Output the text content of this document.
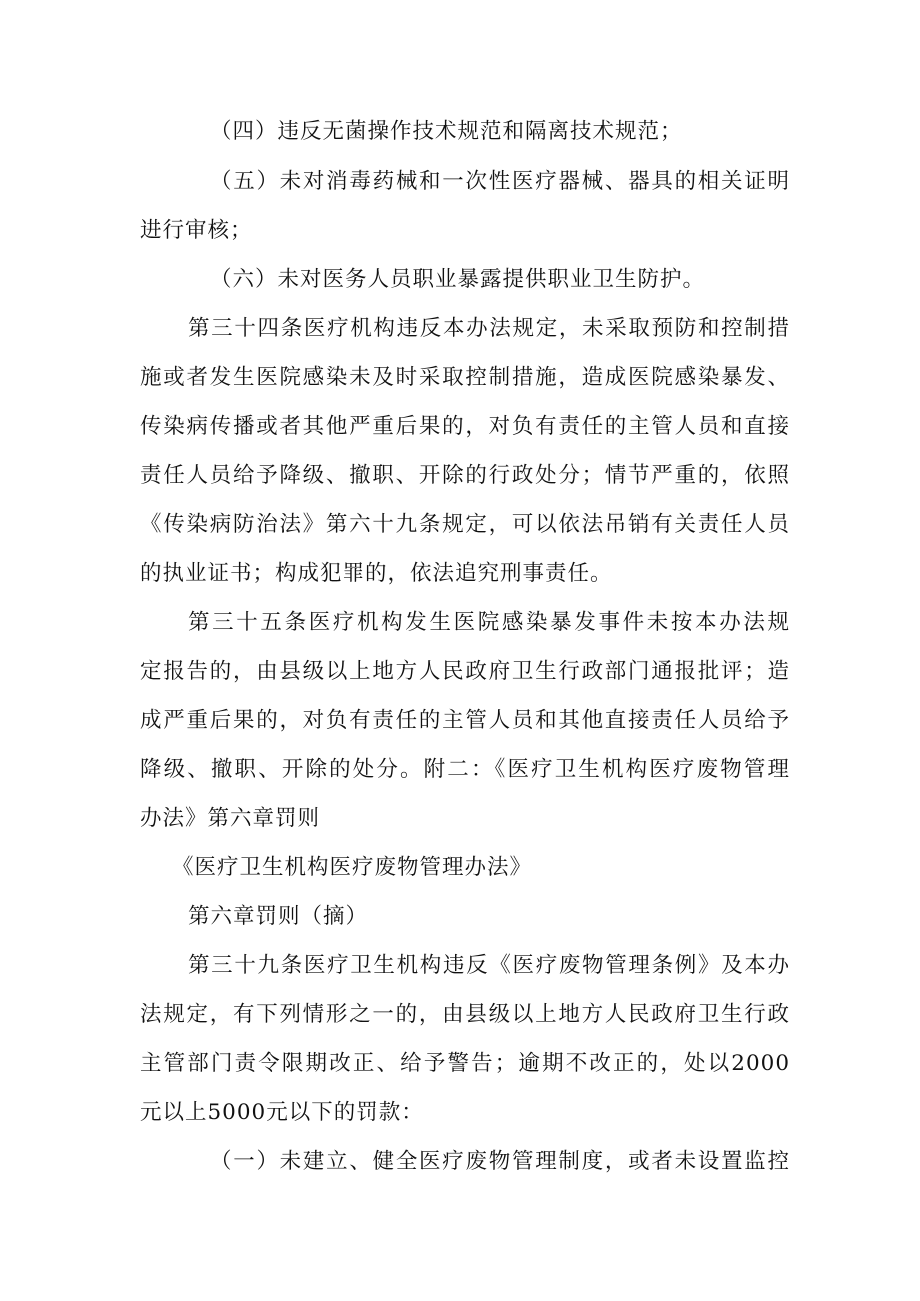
（四）违反无菌操作技术规范和隔离技术规范；
（五）未对消毒药械和一次性医疗器械、器具的相关证明
进行审核；
（六）未对医务人员职业暴露提供职业卫生防护。
第三十四条医疗机构违反本办法规定，未采取预防和控制措
施或者发生医院感染未及时采取控制措施，造成医院感染暴发、
传染病传播或者其他严重后果的，对负有责任的主管人员和直接
责任人员给予降级、撤职、开除的行政处分；情节严重的，依照
《传染病防治法》第六十九条规定，可以依法吊销有关责任人员
的执业证书；构成犯罪的，依法追究刑事责任。
第三十五条医疗机构发生医院感染暴发事件未按本办法规
定报告的，由县级以上地方人民政府卫生行政部门通报批评；造
成严重后果的，对负有责任的主管人员和其他直接责任人员给予
降级、撤职、开除的处分。附二：《医疗卫生机构医疗废物管理
办法》第六章罚则
《医疗卫生机构医疗废物管理办法》
第六章罚则（摘）
第三十九条医疗卫生机构违反《医疗废物管理条例》及本办
法规定，有下列情形之一的，由县级以上地方人民政府卫生行政
主管部门责令限期改正、给予警告；逾期不改正的，处以2000
元以上5000元以下的罚款：
（一）未建立、健全医疗废物管理制度，或者未设置监控
